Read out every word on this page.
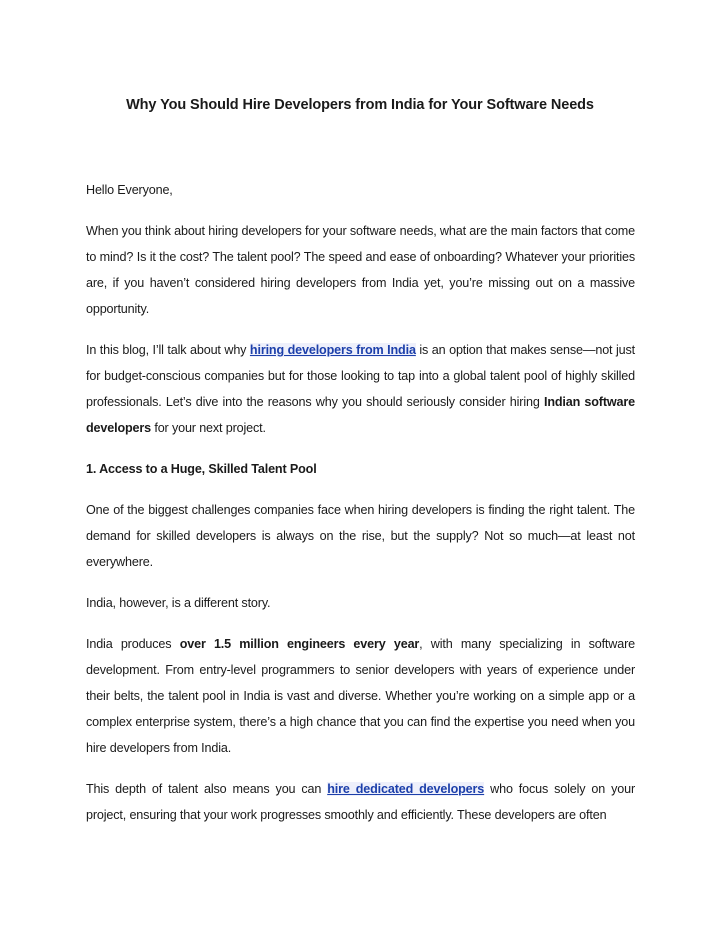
Why You Should Hire Developers from India for Your Software Needs

Hello Everyone,

When you think about hiring developers for your software needs, what are the main factors that come to mind? Is it the cost? The talent pool? The speed and ease of onboarding? Whatever your priorities are, if you haven’t considered hiring developers from India yet, you’re missing out on a massive opportunity.

In this blog, I’ll talk about why hiring developers from India is an option that makes sense—not just for budget-conscious companies but for those looking to tap into a global talent pool of highly skilled professionals. Let’s dive into the reasons why you should seriously consider hiring Indian software developers for your next project.

1. Access to a Huge, Skilled Talent Pool

One of the biggest challenges companies face when hiring developers is finding the right talent. The demand for skilled developers is always on the rise, but the supply? Not so much—at least not everywhere.

India, however, is a different story.

India produces over 1.5 million engineers every year, with many specializing in software development. From entry-level programmers to senior developers with years of experience under their belts, the talent pool in India is vast and diverse. Whether you’re working on a simple app or a complex enterprise system, there’s a high chance that you can find the expertise you need when you hire developers from India.

This depth of talent also means you can hire dedicated developers who focus solely on your project, ensuring that your work progresses smoothly and efficiently. These developers are often
